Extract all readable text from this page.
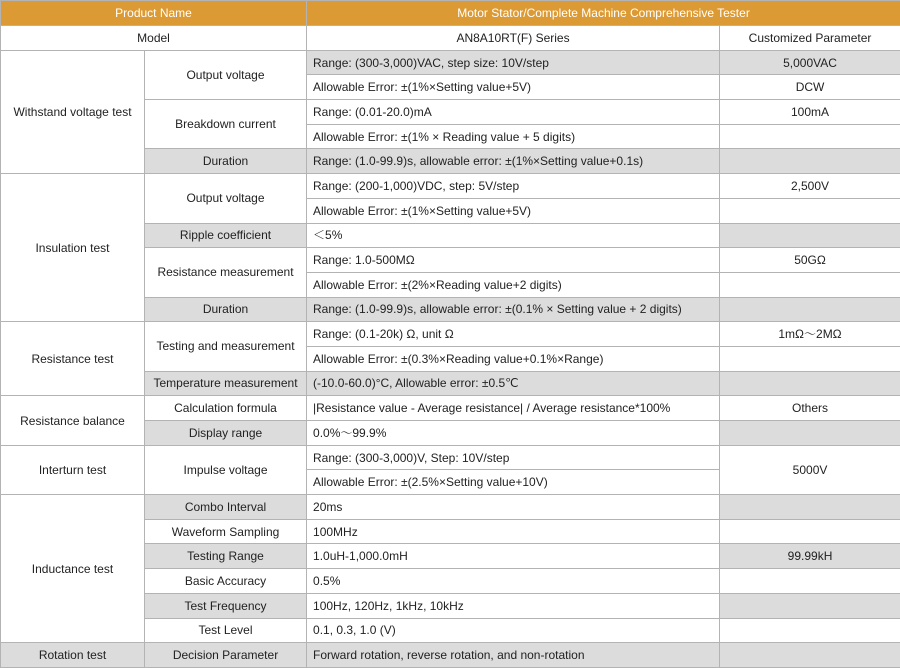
Product Name		Motor Stator/Complete Machine Comprehensive Tester	
Model		AN8A10RT(F) Series	Customized Parameter
Withstand voltage test	Output voltage	Range: (300-3,000)VAC, step size: 10V/step	5,000VAC
		Allowable Error: ±(1%×Setting value+5V)	DCW
	Breakdown current	Range: (0.01-20.0)mA	100mA
		Allowable Error: ±(1% × Reading value + 5 digits)	
	Duration	Range: (1.0-99.9)s, allowable error: ±(1%×Setting value+0.1s)	
Insulation test	Output voltage	Range: (200-1,000)VDC, step: 5V/step	2,500V
		Allowable Error: ±(1%×Setting value+5V)	
	Ripple coefficient	＜5%	
	Resistance measurement	Range: 1.0-500MΩ	50GΩ
		Allowable Error: ±(2%×Reading value+2 digits)	
	Duration	Range: (1.0-99.9)s, allowable error: ±(0.1% × Setting value + 2 digits)	
Resistance test	Testing and measurement	Range: (0.1-20k) Ω, unit Ω	1mΩ～2MΩ
		Allowable Error: ±(0.3%×Reading value+0.1%×Range)	
	Temperature measurement	(-10.0-60.0)°C, Allowable error: ±0.5℃	
Resistance balance	Calculation formula	|Resistance value - Average resistance| / Average resistance*100%	Others
	Display range	0.0%～99.9%	
Interturn test	Impulse voltage	Range: (300-3,000)V, Step: 10V/step	5000V
		Allowable Error: ±(2.5%×Setting value+10V)	
Inductance test	Combo Interval	20ms	
	Waveform Sampling	100MHz	
	Testing Range	1.0uH-1,000.0mH	99.99kH
	Basic Accuracy	0.5%	
	Test Frequency	100Hz, 120Hz, 1kHz, 10kHz	
	Test Level	0.1, 0.3, 1.0 (V)	
Rotation test	Decision Parameter	Forward rotation, reverse rotation, and non-rotation	
